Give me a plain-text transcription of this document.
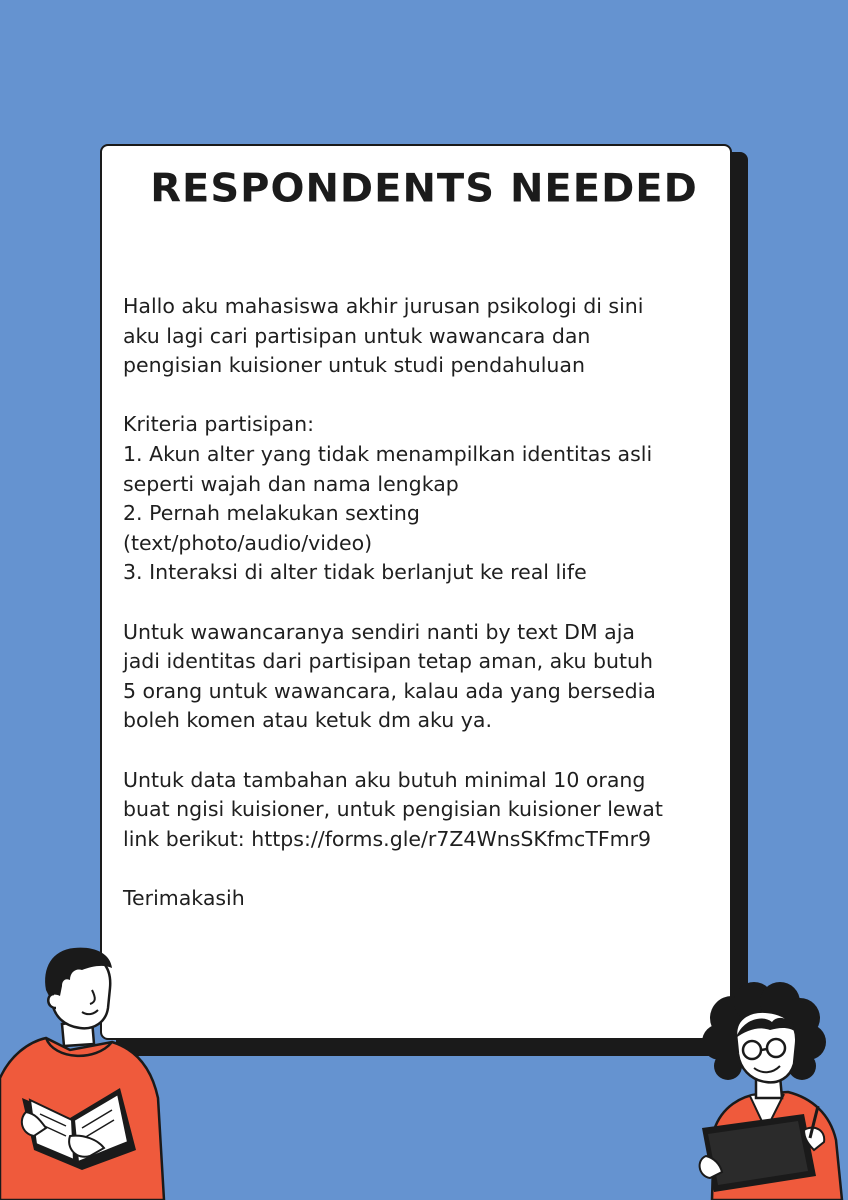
RESPONDENTS NEEDED

Hallo aku mahasiswa akhir jurusan psikologi di sini
aku lagi cari partisipan untuk wawancara dan
pengisian kuisioner untuk studi pendahuluan

Kriteria partisipan:
1. Akun alter yang tidak menampilkan identitas asli
seperti wajah dan nama lengkap
2. Pernah melakukan sexting
(text/photo/audio/video)
3. Interaksi di alter tidak berlanjut ke real life

Untuk wawancaranya sendiri nanti by text DM aja
jadi identitas dari partisipan tetap aman, aku butuh
5 orang untuk wawancara, kalau ada yang bersedia
boleh komen atau ketuk dm aku ya.

Untuk data tambahan aku butuh minimal 10 orang
buat ngisi kuisioner, untuk pengisian kuisioner lewat
link berikut: https://forms.gle/r7Z4WnsSKfmcTFmr9

Terimakasih
